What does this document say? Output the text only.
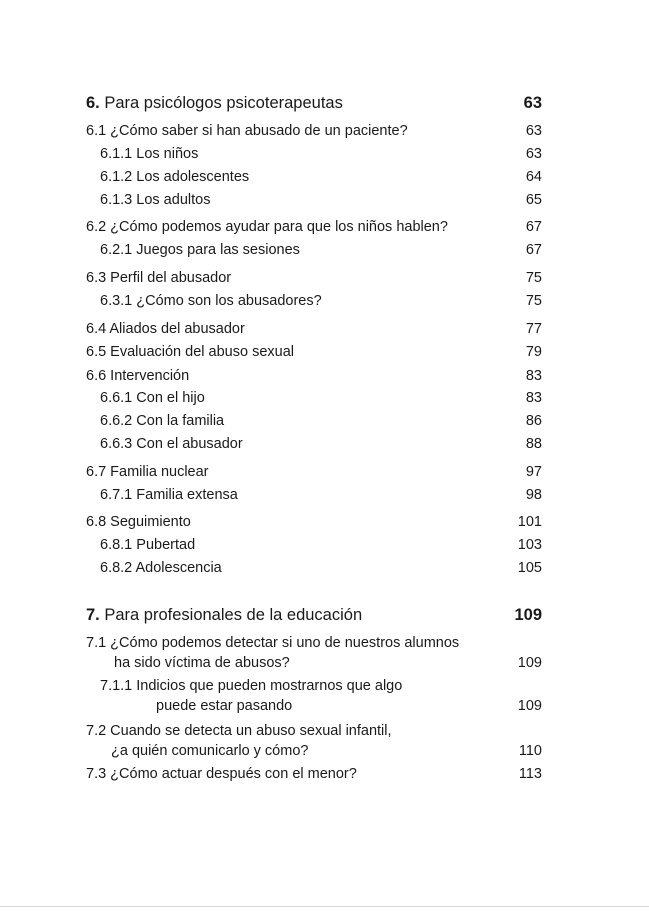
6. Para psicólogos psicoterapeutas	63
6.1 ¿Cómo saber si han abusado de un paciente?	63
6.1.1 Los niños	63
6.1.2 Los adolescentes	64
6.1.3 Los adultos	65
6.2 ¿Cómo podemos ayudar para que los niños hablen?	67
6.2.1 Juegos para las sesiones	67
6.3 Perfil del abusador	75
6.3.1 ¿Cómo son los abusadores?	75
6.4 Aliados del abusador	77
6.5 Evaluación del abuso sexual	79
6.6 Intervención	83
6.6.1 Con el hijo	83
6.6.2 Con la familia	86
6.6.3 Con el abusador	88
6.7 Familia nuclear	97
6.7.1 Familia extensa	98
6.8 Seguimiento	101
6.8.1 Pubertad	103
6.8.2 Adolescencia	105
7. Para profesionales de la educación	109
7.1 ¿Cómo podemos detectar si uno de nuestros alumnos
ha sido víctima de abusos?	109
7.1.1 Indicios que pueden mostrarnos que algo
puede estar pasando	109
7.2 Cuando se detecta un abuso sexual infantil,
¿a quién comunicarlo y cómo?	110
7.3 ¿Cómo actuar después con el menor?	113
